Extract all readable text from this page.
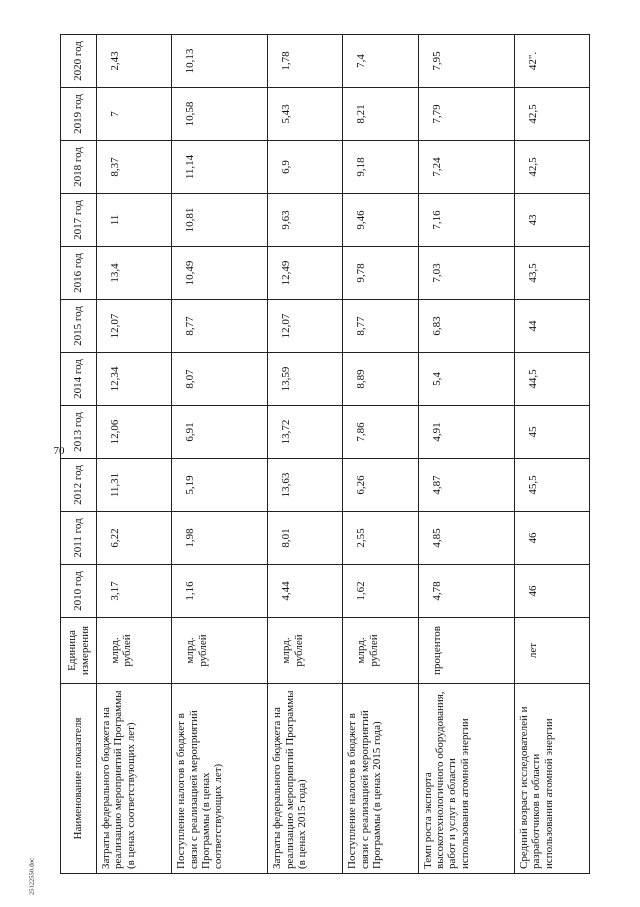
70
25122550.doc
Наименование показателя	Единица измерения	2010 год	2011 год	2012 год	2013 год	2014 год	2015 год	2016 год	2017 год	2018 год	2019 год	2020 год
Затраты федерального бюджета на реализацию мероприятий Программы (в ценах соответствующих лет)	млрд. рублей	3,17	6,22	11,31	12,06	12,34	12,07	13,4	11	8,37	7	2,43
Поступление налогов в бюджет в связи с реализацией мероприятий Программы (в ценах соответствующих лет)	млрд. рублей	1,16	1,98	5,19	6,91	8,07	8,77	10,49	10,81	11,14	10,58	10,13
Затраты федерального бюджета на реализацию мероприятий Программы (в ценах 2015 года)	млрд. рублей	4,44	8,01	13,63	13,72	13,59	12,07	12,49	9,63	6,9	5,43	1,78
Поступление налогов в бюджет в связи с реализацией мероприятий Программы (в ценах 2015 года)	млрд. рублей	1,62	2,55	6,26	7,86	8,89	8,77	9,78	9,46	9,18	8,21	7,4
Темп роста экспорта высокотехнологичного оборудования, работ и услуг в области использования атомной энергии	процентов	4,78	4,85	4,87	4,91	5,4	6,83	7,03	7,16	7,24	7,79	7,95
Средний возраст исследователей и разработчиков в области использования атомной энергии	лет	46	46	45,5	45	44,5	44	43,5	43	42,5	42,5	42".
